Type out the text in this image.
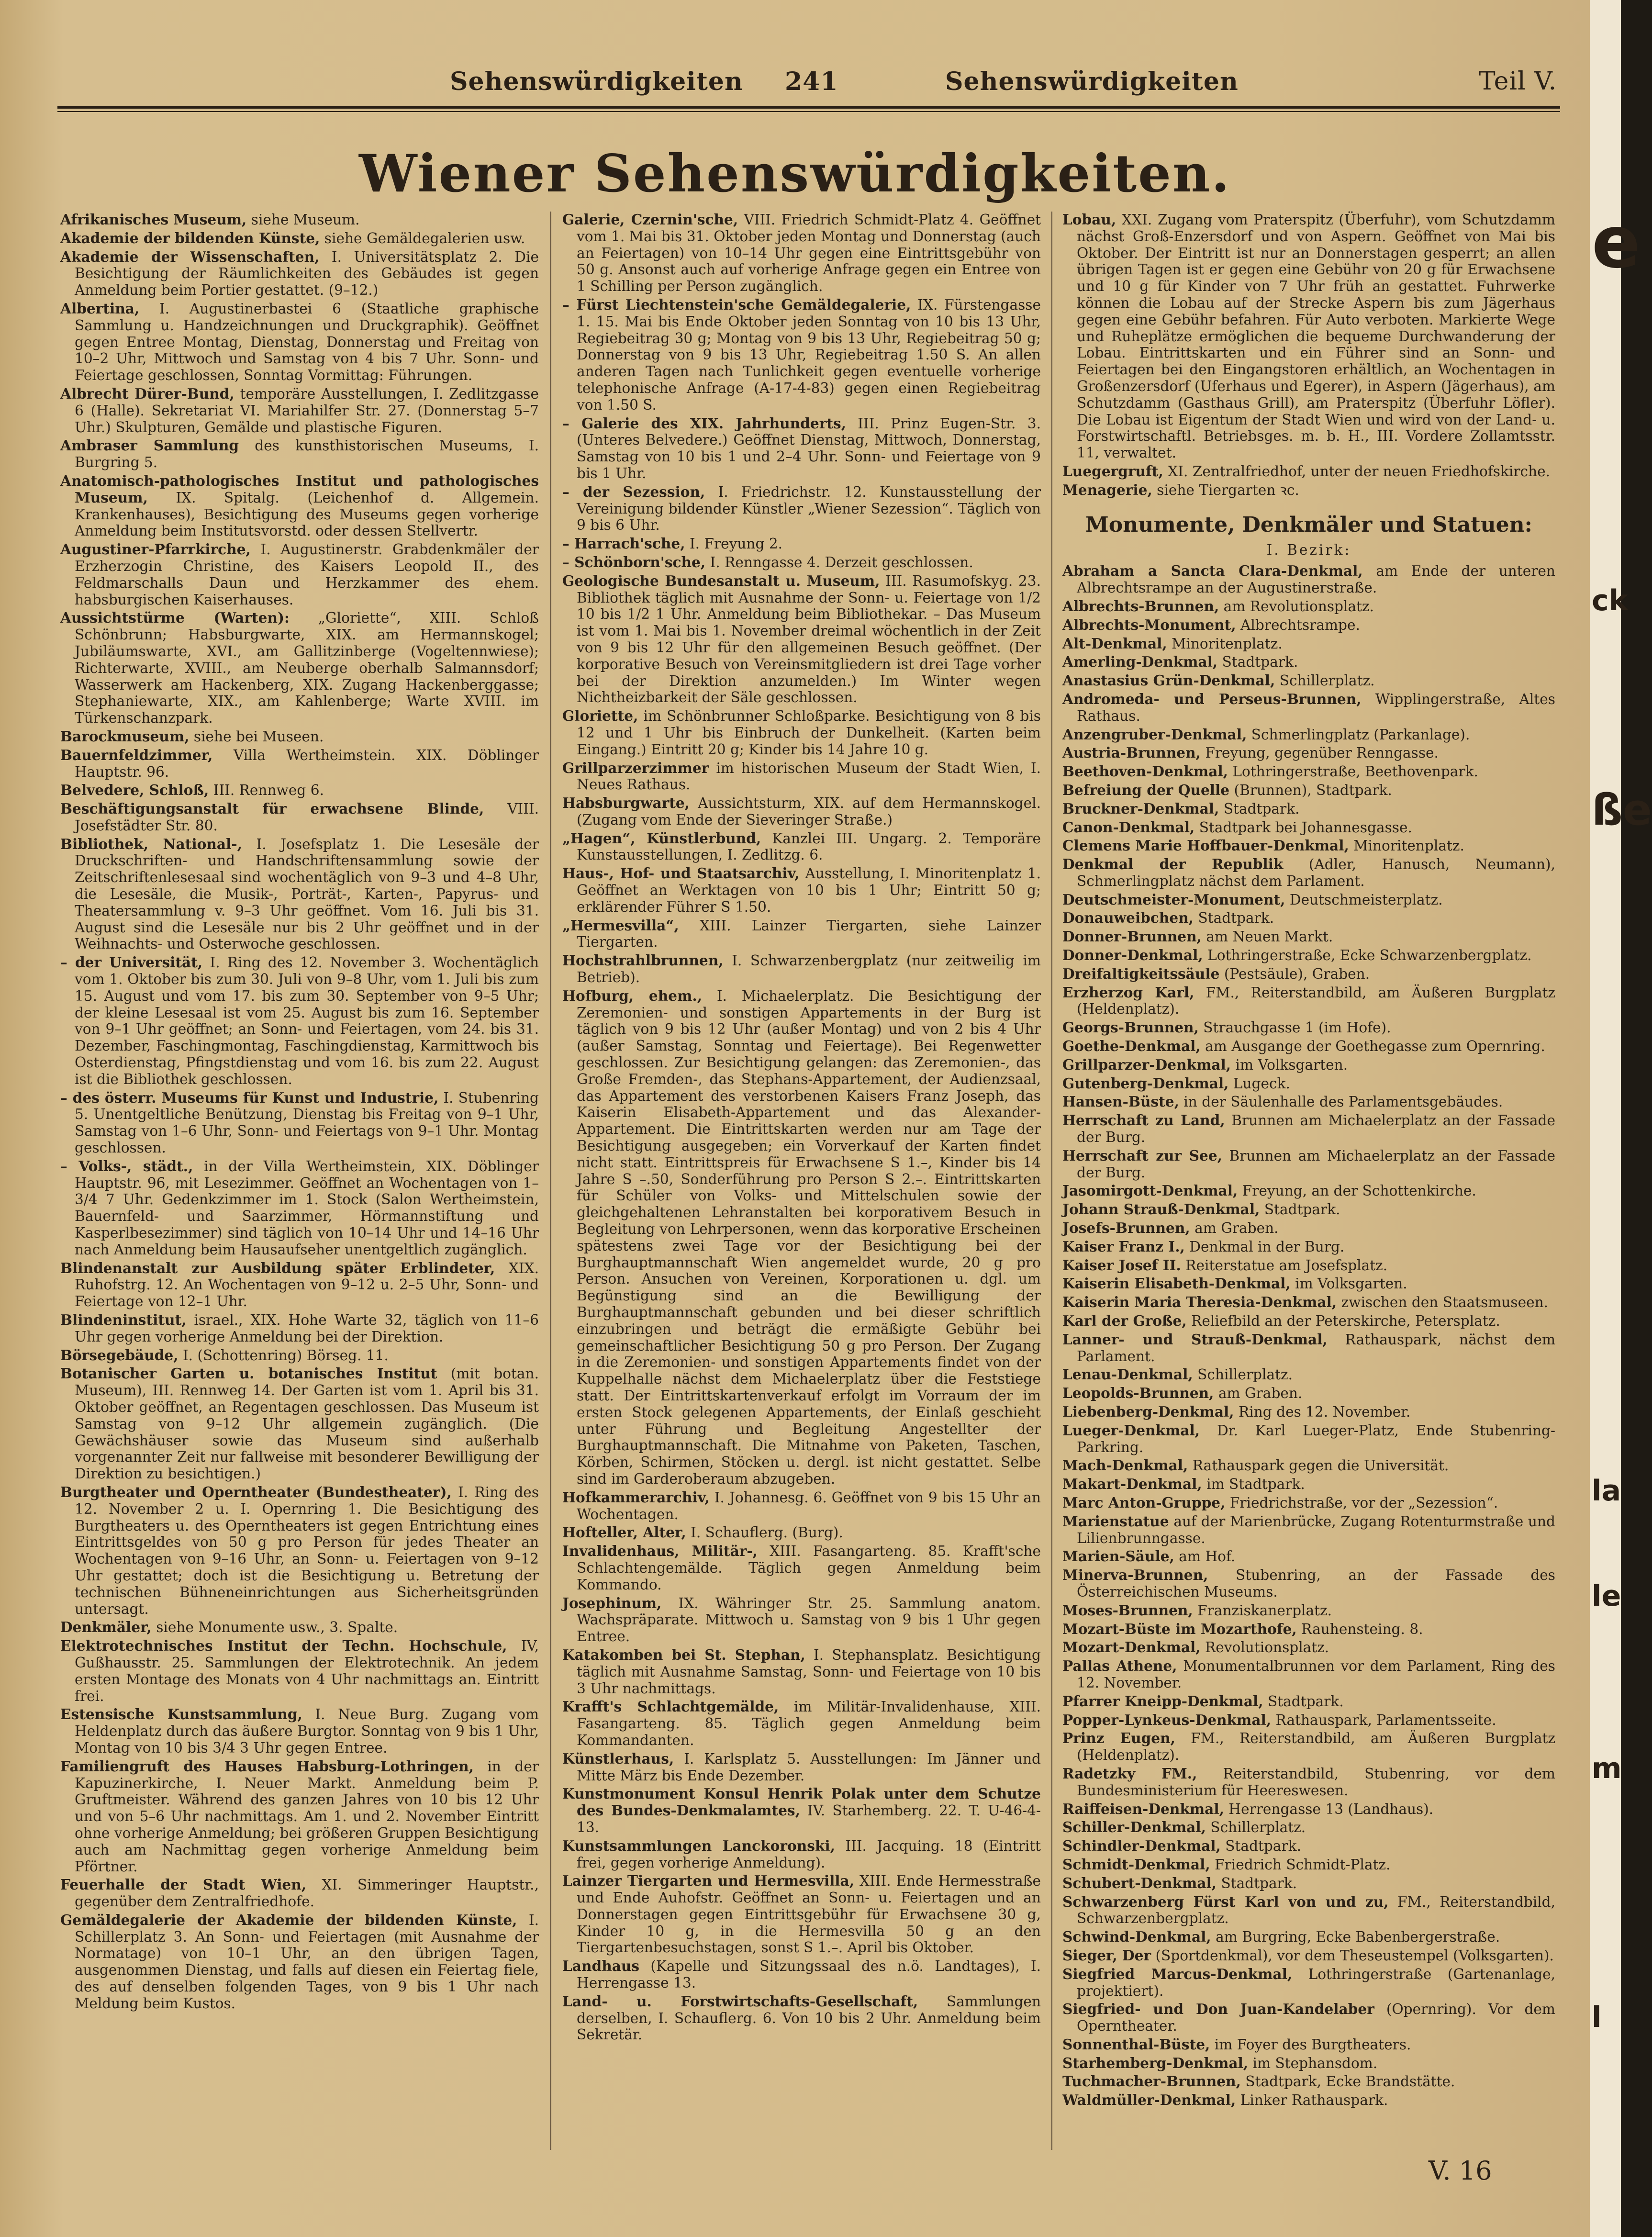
Sehenswürdigkeiten 241	Sehenswürdigkeiten	Teil V.
Wiener Sehenswürdigkeiten.
Afrikanisches Museum, siehe Museum.
Akademie der bildenden Künste, siehe Gemäldegalerien usw.
Akademie der Wissenschaften, I. Universitätsplatz 2. Die Besichtigung der Räumlichkeiten des Gebäudes ist gegen Anmeldung beim Portier gestattet. (9–12.)
Albertina, I. Augustinerbastei 6 (Staatliche graphische Sammlung u. Handzeichnungen und Druckgraphik). Geöffnet gegen Entree Montag, Dienstag, Donnerstag und Freitag von 10–2 Uhr, Mittwoch und Samstag von 4 bis 7 Uhr. Sonn- und Feiertage geschlossen, Sonntag Vormittag: Führungen.
Albrecht Dürer-Bund, temporäre Ausstellungen, I. Zedlitzgasse 6 (Halle). Sekretariat VI. Mariahilfer Str. 27. (Donnerstag 5–7 Uhr.) Skulpturen, Gemälde und plastische Figuren.
Ambraser Sammlung des kunsthistorischen Museums, I. Burgring 5.
Anatomisch-pathologisches Institut und pathologisches Museum, IX. Spitalg. (Leichenhof d. Allgemein. Krankenhauses), Besichtigung des Museums gegen vorherige Anmeldung beim Institutsvorstd. oder dessen Stellvertr.
Augustiner-Pfarrkirche, I. Augustinerstr. Grabdenkmäler der Erzherzogin Christine, des Kaisers Leopold II., des Feldmarschalls Daun und Herzkammer des ehem. habsburgischen Kaiserhauses.
Aussichtstürme (Warten): „Gloriette“, XIII. Schloß Schönbrunn; Habsburgwarte, XIX. am Hermannskogel; Jubiläumswarte, XVI., am Gallitzinberge (Vogeltennwiese); Richterwarte, XVIII., am Neuberge oberhalb Salmannsdorf; Wasserwerk am Hackenberg, XIX. Zugang Hackenberggasse; Stephaniewarte, XIX., am Kahlenberge; Warte XVIII. im Türkenschanzpark.
Barockmuseum, siehe bei Museen.
Bauernfeldzimmer, Villa Wertheimstein. XIX. Döblinger Hauptstr. 96.
Belvedere, Schloß, III. Rennweg 6.
Beschäftigungsanstalt für erwachsene Blinde, VIII. Josefstädter Str. 80.
Bibliothek, National-, I. Josefsplatz 1. Die Lesesäle der Druckschriften- und Handschriftensammlung sowie der Zeitschriftenlesesaal sind wochentäglich von 9–3 und 4–8 Uhr, die Lesesäle, die Musik-, Porträt-, Karten-, Papyrus- und Theatersammlung v. 9–3 Uhr geöffnet. Vom 16. Juli bis 31. August sind die Lesesäle nur bis 2 Uhr geöffnet und in der Weihnachts- und Osterwoche geschlossen.
– der Universität, I. Ring des 12. November 3. Wochentäglich vom 1. Oktober bis zum 30. Juli von 9–8 Uhr, vom 1. Juli bis zum 15. August und vom 17. bis zum 30. September von 9–5 Uhr; der kleine Lesesaal ist vom 25. August bis zum 16. September von 9–1 Uhr geöffnet; an Sonn- und Feiertagen, vom 24. bis 31. Dezember, Faschingmontag, Faschingdienstag, Karmittwoch bis Osterdienstag, Pfingstdienstag und vom 16. bis zum 22. August ist die Bibliothek geschlossen.
– des österr. Museums für Kunst und Industrie, I. Stubenring 5. Unentgeltliche Benützung, Dienstag bis Freitag von 9–1 Uhr, Samstag von 1–6 Uhr, Sonn- und Feiertags von 9–1 Uhr. Montag geschlossen.
– Volks-, städt., in der Villa Wertheimstein, XIX. Döblinger Hauptstr. 96, mit Lesezimmer. Geöffnet an Wochentagen von 1–3/4 7 Uhr. Gedenkzimmer im 1. Stock (Salon Wertheimstein, Bauernfeld- und Saarzimmer, Hörmannstiftung und Kasperlbesezimmer) sind täglich von 10–14 Uhr und 14–16 Uhr nach Anmeldung beim Hausaufseher unentgeltlich zugänglich.
Blindenanstalt zur Ausbildung später Erblindeter, XIX. Ruhofstrg. 12. An Wochentagen von 9–12 u. 2–5 Uhr, Sonn- und Feiertage von 12–1 Uhr.
Blindeninstitut, israel., XIX. Hohe Warte 32, täglich von 11–6 Uhr gegen vorherige Anmeldung bei der Direktion.
Börsegebäude, I. (Schottenring) Börseg. 11.
Botanischer Garten u. botanisches Institut (mit botan. Museum), III. Rennweg 14. Der Garten ist vom 1. April bis 31. Oktober geöffnet, an Regentagen geschlossen. Das Museum ist Samstag von 9–12 Uhr allgemein zugänglich. (Die Gewächshäuser sowie das Museum sind außerhalb vorgenannter Zeit nur fallweise mit besonderer Bewilligung der Direktion zu besichtigen.)
Burgtheater und Operntheater (Bundestheater), I. Ring des 12. November 2 u. I. Opernring 1. Die Besichtigung des Burgtheaters u. des Operntheaters ist gegen Entrichtung eines Eintrittsgeldes von 50 g pro Person für jedes Theater an Wochentagen von 9–16 Uhr, an Sonn- u. Feiertagen von 9–12 Uhr gestattet; doch ist die Besichtigung u. Betretung der technischen Bühneneinrichtungen aus Sicherheitsgründen untersagt.
Denkmäler, siehe Monumente usw., 3. Spalte.
Elektrotechnisches Institut der Techn. Hochschule, IV, Gußhausstr. 25. Sammlungen der Elektrotechnik. An jedem ersten Montage des Monats von 4 Uhr nachmittags an. Eintritt frei.
Estensische Kunstsammlung, I. Neue Burg. Zugang vom Heldenplatz durch das äußere Burgtor. Sonntag von 9 bis 1 Uhr, Montag von 10 bis 3/4 3 Uhr gegen Entree.
Familiengruft des Hauses Habsburg-Lothringen, in der Kapuzinerkirche, I. Neuer Markt. Anmeldung beim P. Gruftmeister. Während des ganzen Jahres von 10 bis 12 Uhr und von 5–6 Uhr nachmittags. Am 1. und 2. November Eintritt ohne vorherige Anmeldung; bei größeren Gruppen Besichtigung auch am Nachmittag gegen vorherige Anmeldung beim Pförtner.
Feuerhalle der Stadt Wien, XI. Simmeringer Hauptstr., gegenüber dem Zentralfriedhofe.
Gemäldegalerie der Akademie der bildenden Künste, I. Schillerplatz 3. An Sonn- und Feiertagen (mit Ausnahme der Normatage) von 10–1 Uhr, an den übrigen Tagen, ausgenommen Dienstag, und falls auf diesen ein Feiertag fiele, des auf denselben folgenden Tages, von 9 bis 1 Uhr nach Meldung beim Kustos.
Galerie, Czernin'sche, VIII. Friedrich Schmidt-Platz 4. Geöffnet vom 1. Mai bis 31. Oktober jeden Montag und Donnerstag (auch an Feiertagen) von 10–14 Uhr gegen eine Eintrittsgebühr von 50 g. Ansonst auch auf vorherige Anfrage gegen ein Entree von 1 Schilling per Person zugänglich.
– Fürst Liechtenstein'sche Gemäldegalerie, IX. Fürstengasse 1. 15. Mai bis Ende Oktober jeden Sonntag von 10 bis 13 Uhr, Regiebeitrag 30 g; Montag von 9 bis 13 Uhr, Regiebeitrag 50 g; Donnerstag von 9 bis 13 Uhr, Regiebeitrag 1.50 S. An allen anderen Tagen nach Tunlichkeit gegen eventuelle vorherige telephonische Anfrage (A-17-4-83) gegen einen Regiebeitrag von 1.50 S.
– Galerie des XIX. Jahrhunderts, III. Prinz Eugen-Str. 3. (Unteres Belvedere.) Geöffnet Dienstag, Mittwoch, Donnerstag, Samstag von 10 bis 1 und 2–4 Uhr. Sonn- und Feiertage von 9 bis 1 Uhr.
– der Sezession, I. Friedrichstr. 12. Kunstausstellung der Vereinigung bildender Künstler „Wiener Sezession“. Täglich von 9 bis 6 Uhr.
– Harrach'sche, I. Freyung 2.
– Schönborn'sche, I. Renngasse 4. Derzeit geschlossen.
Geologische Bundesanstalt u. Museum, III. Rasumofskyg. 23. Bibliothek täglich mit Ausnahme der Sonn- u. Feiertage von 1/2 10 bis 1/2 1 Uhr. Anmeldung beim Bibliothekar. – Das Museum ist vom 1. Mai bis 1. November dreimal wöchentlich in der Zeit von 9 bis 12 Uhr für den allgemeinen Besuch geöffnet. (Der korporative Besuch von Vereinsmitgliedern ist drei Tage vorher bei der Direktion anzumelden.) Im Winter wegen Nichtheizbarkeit der Säle geschlossen.
Gloriette, im Schönbrunner Schloßparke. Besichtigung von 8 bis 12 und 1 Uhr bis Einbruch der Dunkelheit. (Karten beim Eingang.) Eintritt 20 g; Kinder bis 14 Jahre 10 g.
Grillparzerzimmer im historischen Museum der Stadt Wien, I. Neues Rathaus.
Habsburgwarte, Aussichtsturm, XIX. auf dem Hermannskogel. (Zugang vom Ende der Sieveringer Straße.)
„Hagen“, Künstlerbund, Kanzlei III. Ungarg. 2. Temporäre Kunstausstellungen, I. Zedlitzg. 6.
Haus-, Hof- und Staatsarchiv, Ausstellung, I. Minoritenplatz 1. Geöffnet an Werktagen von 10 bis 1 Uhr; Eintritt 50 g; erklärender Führer S 1.50.
„Hermesvilla“, XIII. Lainzer Tiergarten, siehe Lainzer Tiergarten.
Hochstrahlbrunnen, I. Schwarzenbergplatz (nur zeitweilig im Betrieb).
Hofburg, ehem., I. Michaelerplatz. Die Besichtigung der Zeremonien- und sonstigen Appartements in der Burg ist täglich von 9 bis 12 Uhr (außer Montag) und von 2 bis 4 Uhr (außer Samstag, Sonntag und Feiertage). Bei Regenwetter geschlossen. Zur Besichtigung gelangen: das Zeremonien-, das Große Fremden-, das Stephans-Appartement, der Audienzsaal, das Appartement des verstorbenen Kaisers Franz Joseph, das Kaiserin Elisabeth-Appartement und das Alexander-Appartement. Die Eintrittskarten werden nur am Tage der Besichtigung ausgegeben; ein Vorverkauf der Karten findet nicht statt. Eintrittspreis für Erwachsene S 1.–, Kinder bis 14 Jahre S –.50, Sonderführung pro Person S 2.–. Eintrittskarten für Schüler von Volks- und Mittelschulen sowie der gleichgehaltenen Lehranstalten bei korporativem Besuch in Begleitung von Lehrpersonen, wenn das korporative Erscheinen spätestens zwei Tage vor der Besichtigung bei der Burghauptmannschaft Wien angemeldet wurde, 20 g pro Person. Ansuchen von Vereinen, Korporationen u. dgl. um Begünstigung sind an die Bewilligung der Burghauptmannschaft gebunden und bei dieser schriftlich einzubringen und beträgt die ermäßigte Gebühr bei gemeinschaftlicher Besichtigung 50 g pro Person. Der Zugang in die Zeremonien- und sonstigen Appartements findet von der Kuppelhalle nächst dem Michaelerplatz über die Feststiege statt. Der Eintrittskartenverkauf erfolgt im Vorraum der im ersten Stock gelegenen Appartements, der Einlaß geschieht unter Führung und Begleitung Angestellter der Burghauptmannschaft. Die Mitnahme von Paketen, Taschen, Körben, Schirmen, Stöcken u. dergl. ist nicht gestattet. Selbe sind im Garderoberaum abzugeben.
Hofkammerarchiv, I. Johannesg. 6. Geöffnet von 9 bis 15 Uhr an Wochentagen.
Hofteller, Alter, I. Schauflerg. (Burg).
Invalidenhaus, Militär-, XIII. Fasangarteng. 85. Krafft'sche Schlachtengemälde. Täglich gegen Anmeldung beim Kommando.
Josephinum, IX. Währinger Str. 25. Sammlung anatom. Wachspräparate. Mittwoch u. Samstag von 9 bis 1 Uhr gegen Entree.
Katakomben bei St. Stephan, I. Stephansplatz. Besichtigung täglich mit Ausnahme Samstag, Sonn- und Feiertage von 10 bis 3 Uhr nachmittags.
Krafft's Schlachtgemälde, im Militär-Invalidenhause, XIII. Fasangarteng. 85. Täglich gegen Anmeldung beim Kommandanten.
Künstlerhaus, I. Karlsplatz 5. Ausstellungen: Im Jänner und Mitte März bis Ende Dezember.
Kunstmonument Konsul Henrik Polak unter dem Schutze des Bundes-Denkmalamtes, IV. Starhemberg. 22. T. U-46-4-13.
Kunstsammlungen Lanckoronski, III. Jacquing. 18 (Eintritt frei, gegen vorherige Anmeldung).
Lainzer Tiergarten und Hermesvilla, XIII. Ende Hermesstraße und Ende Auhofstr. Geöffnet an Sonn- u. Feiertagen und an Donnerstagen gegen Eintrittsgebühr für Erwachsene 30 g, Kinder 10 g, in die Hermesvilla 50 g an den Tiergartenbesuchstagen, sonst S 1.–. April bis Oktober.
Landhaus (Kapelle und Sitzungssaal des n.ö. Landtages), I. Herrengasse 13.
Land- u. Forstwirtschafts-Gesellschaft, Sammlungen derselben, I. Schauflerg. 6. Von 10 bis 2 Uhr. Anmeldung beim Sekretär.
Lobau, XXI. Zugang vom Praterspitz (Überfuhr), vom Schutzdamm nächst Groß-Enzersdorf und von Aspern. Geöffnet von Mai bis Oktober. Der Eintritt ist nur an Donnerstagen gesperrt; an allen übrigen Tagen ist er gegen eine Gebühr von 20 g für Erwachsene und 10 g für Kinder von 7 Uhr früh an gestattet. Fuhrwerke können die Lobau auf der Strecke Aspern bis zum Jägerhaus gegen eine Gebühr befahren. Für Auto verboten. Markierte Wege und Ruheplätze ermöglichen die bequeme Durchwanderung der Lobau. Eintrittskarten und ein Führer sind an Sonn- und Feiertagen bei den Eingangstoren erhältlich, an Wochentagen in Großenzersdorf (Uferhaus und Egerer), in Aspern (Jägerhaus), am Schutzdamm (Gasthaus Grill), am Praterspitz (Überfuhr Löfler). Die Lobau ist Eigentum der Stadt Wien und wird von der Land- u. Forstwirtschaftl. Betriebsges. m. b. H., III. Vordere Zollamtsstr. 11, verwaltet.
Luegergruft, XI. Zentralfriedhof, unter der neuen Friedhofskirche.
Menagerie, siehe Tiergarten ꝛc.
Monumente, Denkmäler und Statuen:
I. Bezirk:
Abraham a Sancta Clara-Denkmal, am Ende der unteren Albrechtsrampe an der Augustinerstraße.
Albrechts-Brunnen, am Revolutionsplatz.
Albrechts-Monument, Albrechtsrampe.
Alt-Denkmal, Minoritenplatz.
Amerling-Denkmal, Stadtpark.
Anastasius Grün-Denkmal, Schillerplatz.
Andromeda- und Perseus-Brunnen, Wipplingerstraße, Altes Rathaus.
Anzengruber-Denkmal, Schmerlingplatz (Parkanlage).
Austria-Brunnen, Freyung, gegenüber Renngasse.
Beethoven-Denkmal, Lothringerstraße, Beethovenpark.
Befreiung der Quelle (Brunnen), Stadtpark.
Bruckner-Denkmal, Stadtpark.
Canon-Denkmal, Stadtpark bei Johannesgasse.
Clemens Marie Hoffbauer-Denkmal, Minoritenplatz.
Denkmal der Republik (Adler, Hanusch, Neumann), Schmerlingplatz nächst dem Parlament.
Deutschmeister-Monument, Deutschmeisterplatz.
Donauweibchen, Stadtpark.
Donner-Brunnen, am Neuen Markt.
Donner-Denkmal, Lothringerstraße, Ecke Schwarzenbergplatz.
Dreifaltigkeitssäule (Pestsäule), Graben.
Erzherzog Karl, FM., Reiterstandbild, am Äußeren Burgplatz (Heldenplatz).
Georgs-Brunnen, Strauchgasse 1 (im Hofe).
Goethe-Denkmal, am Ausgange der Goethegasse zum Opernring.
Grillparzer-Denkmal, im Volksgarten.
Gutenberg-Denkmal, Lugeck.
Hansen-Büste, in der Säulenhalle des Parlamentsgebäudes.
Herrschaft zu Land, Brunnen am Michaelerplatz an der Fassade der Burg.
Herrschaft zur See, Brunnen am Michaelerplatz an der Fassade der Burg.
Jasomirgott-Denkmal, Freyung, an der Schottenkirche.
Johann Strauß-Denkmal, Stadtpark.
Josefs-Brunnen, am Graben.
Kaiser Franz I., Denkmal in der Burg.
Kaiser Josef II. Reiterstatue am Josefsplatz.
Kaiserin Elisabeth-Denkmal, im Volksgarten.
Kaiserin Maria Theresia-Denkmal, zwischen den Staatsmuseen.
Karl der Große, Reliefbild an der Peterskirche, Petersplatz.
Lanner- und Strauß-Denkmal, Rathauspark, nächst dem Parlament.
Lenau-Denkmal, Schillerplatz.
Leopolds-Brunnen, am Graben.
Liebenberg-Denkmal, Ring des 12. November.
Lueger-Denkmal, Dr. Karl Lueger-Platz, Ende Stubenring-Parkring.
Mach-Denkmal, Rathauspark gegen die Universität.
Makart-Denkmal, im Stadtpark.
Marc Anton-Gruppe, Friedrichstraße, vor der „Sezession“.
Marienstatue auf der Marienbrücke, Zugang Rotenturmstraße und Lilienbrunngasse.
Marien-Säule, am Hof.
Minerva-Brunnen, Stubenring, an der Fassade des Österreichischen Museums.
Moses-Brunnen, Franziskanerplatz.
Mozart-Büste im Mozarthofe, Rauhensteing. 8.
Mozart-Denkmal, Revolutionsplatz.
Pallas Athene, Monumentalbrunnen vor dem Parlament, Ring des 12. November.
Pfarrer Kneipp-Denkmal, Stadtpark.
Popper-Lynkeus-Denkmal, Rathauspark, Parlamentsseite.
Prinz Eugen, FM., Reiterstandbild, am Äußeren Burgplatz (Heldenplatz).
Radetzky FM., Reiterstandbild, Stubenring, vor dem Bundesministerium für Heereswesen.
Raiffeisen-Denkmal, Herrengasse 13 (Landhaus).
Schiller-Denkmal, Schillerplatz.
Schindler-Denkmal, Stadtpark.
Schmidt-Denkmal, Friedrich Schmidt-Platz.
Schubert-Denkmal, Stadtpark.
Schwarzenberg Fürst Karl von und zu, FM., Reiterstandbild, Schwarzenbergplatz.
Schwind-Denkmal, am Burgring, Ecke Babenbergerstraße.
Sieger, Der (Sportdenkmal), vor dem Theseustempel (Volksgarten).
Siegfried Marcus-Denkmal, Lothringerstraße (Gartenanlage, projektiert).
Siegfried- und Don Juan-Kandelaber (Opernring). Vor dem Operntheater.
Sonnenthal-Büste, im Foyer des Burgtheaters.
Starhemberg-Denkmal, im Stephansdom.
Tuchmacher-Brunnen, Stadtpark, Ecke Brandstätte.
Waldmüller-Denkmal, Linker Rathauspark.
V. 16
e
ck
ße
la
le
m
l
